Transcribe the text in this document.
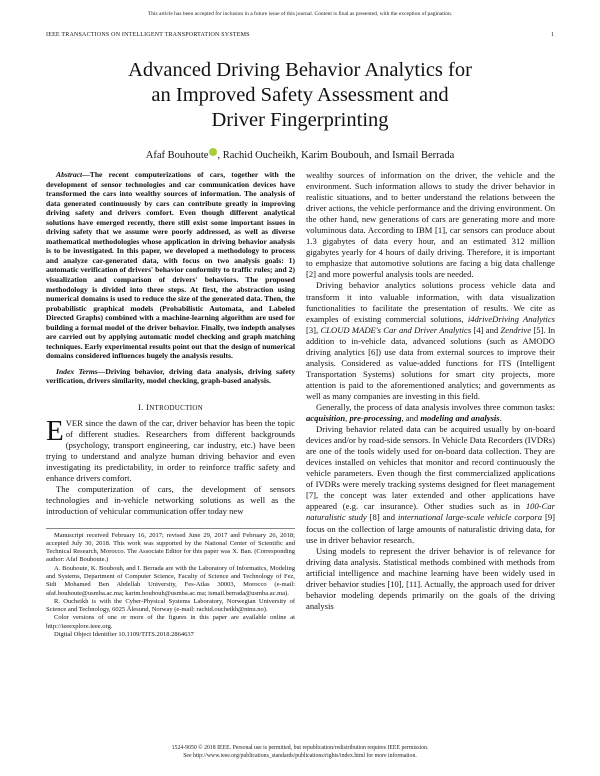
This article has been accepted for inclusion in a future issue of this journal. Content is final as presented, with the exception of pagination.
IEEE TRANSACTIONS ON INTELLIGENT TRANSPORTATION SYSTEMS	1
Advanced Driving Behavior Analytics for
an Improved Safety Assessment and
Driver Fingerprinting
Afaf Bouhoute , Rachid Oucheikh, Karim Boubouh, and Ismail Berrada

Abstract—The recent computerizations of cars, together with the development of sensor technologies and car communication devices have transformed the cars into wealthy sources of information. The analysis of data generated continuously by cars can contribute greatly in improving driving safety and drivers comfort. Even though different analytical solutions have emerged recently, there still exist some important issues in driving safety that we assume were poorly addressed, as well as diverse mathematical methodologies whose application in driving behavior analysis is to be investigated. In this paper, we developed a methodology to process and analyze car-generated data, with focus on two analysis goals: 1) automatic verification of drivers' behavior conformity to traffic rules; and 2) visualization and comparison of drivers' behaviors. The proposed methodology is divided into three steps. At first, the abstraction using numerical domains is used to reduce the size of the generated data. Then, the probabilistic graphical models (Probabilistic Automata, and Labeled Directed Graphs) combined with a machine-learning algorithm are used for building a formal model of the driver behavior. Finally, two indepth analyses are carried out by applying automatic model checking and graph matching techniques. Early experimental results point out that the design of numerical domains considered influences hugely the analysis results.

Index Terms—Driving behavior, driving data analysis, driving safety verification, drivers similarity, model checking, graph-based analysis.

I. INTRODUCTION

EVER since the dawn of the car, driver behavior has been the topic of different studies. Researchers from different backgrounds (psychology, transport engineering, car industry, etc.) have been trying to understand and analyze human driving behavior and even investigating its predictability, in order to reinforce traffic safety and enhance drivers comfort.

The computerization of cars, the development of sensors technologies and in-vehicle networking solutions as well as the introduction of vehicular communication offer today new

Manuscript received February 16, 2017; revised June 29, 2017 and February 26, 2018; accepted July 30, 2018. This work was supported by the National Center of Scientific and Technical Research, Morocco. The Associate Editor for this paper was X. Ban. (Corresponding author: Afaf Bouhoute.)

A. Bouhoute, K. Boubouh, and I. Berrada are with the Laboratory of Informatics, Modeling and Systems, Department of Computer Science, Faculty of Science and Technology of Fez, Sidi Mohamed Ben Abdellah University, Fes-Atlas 30003, Morocco (e-mail: afaf.bouhoute@usmba.ac.ma; karim.boubouh@usmba.ac.ma; ismail.berrada@usmba.ac.ma).

R. Oucheikh is with the Cyber-Physical Systems Laboratory, Norwegian University of Science and Technology, 6025 Ålesund, Norway (e-mail: rachid.oucheikh@ntnu.no).

Color versions of one or more of the figures in this paper are available online at http://ieeexplore.ieee.org.

Digital Object Identifier 10.1109/TITS.2018.2864637

wealthy sources of information on the driver, the vehicle and the environment. Such information allows to study the driver behavior in realistic situations, and to better understand the relations between the driver actions, the vehicle performance and the driving environment. On the other hand, new generations of cars are generating more and more voluminous data. According to IBM [1], car sensors can produce about 1.3 gigabytes of data every hour, and an estimated 312 million gigabytes yearly for 4 hours of daily driving. Therefore, it is important to emphasize that automotive solutions are facing a big data challenge [2] and more powerful analysis tools are needed.

Driving behavior analytics solutions process vehicle data and transform it into valuable information, with data visualization functionalities to facilitate the presentation of results. We cite as examples of existing commercial solutions, i4driveDriving Analytics [3], CLOUD MADE's Car and Driver Analytics [4] and Zendrive [5]. In addition to in-vehicle data, advanced solutions (such as AMODO driving analytics [6]) use data from external sources to improve their analysis. Considered as value-added functions for ITS (Intelligent Transportation Systems) solutions for smart city projects, more attention is paid to the aforementioned analytics; and governments as well as many companies are investing in this field.

Generally, the process of data analysis involves three common tasks: acquisition, pre-processing, and modeling and analysis.

Driving behavior related data can be acquired usually by on-board devices and/or by road-side sensors. In Vehicle Data Recorders (IVDRs) are one of the tools widely used for on-board data collection. They are devices installed on vehicles that monitor and record continuously the vehicle parameters. Even though the first commercialized applications of IVDRs were merely tracking systems designed for fleet management [7], the concept was later extended and other applications have appeared (e.g. car insurance). Other studies such as in 100-Car naturalistic study [8] and international large-scale vehicle corpora [9] focus on the collection of large amounts of naturalistic driving data, for use in driver behavior research.

Using models to represent the driver behavior is of relevance for driving data analysis. Statistical methods combined with methods from artificial intelligence and machine learning have been widely used in driver behavior studies [10], [11]. Actually, the approach used for driver behavior modeling depends primarily on the goals of the driving analysis

1524-9050 © 2018 IEEE. Personal use is permitted, but republication/redistribution requires IEEE permission.
See http://www.ieee.org/publications_standards/publications/rights/index.html for more information.
